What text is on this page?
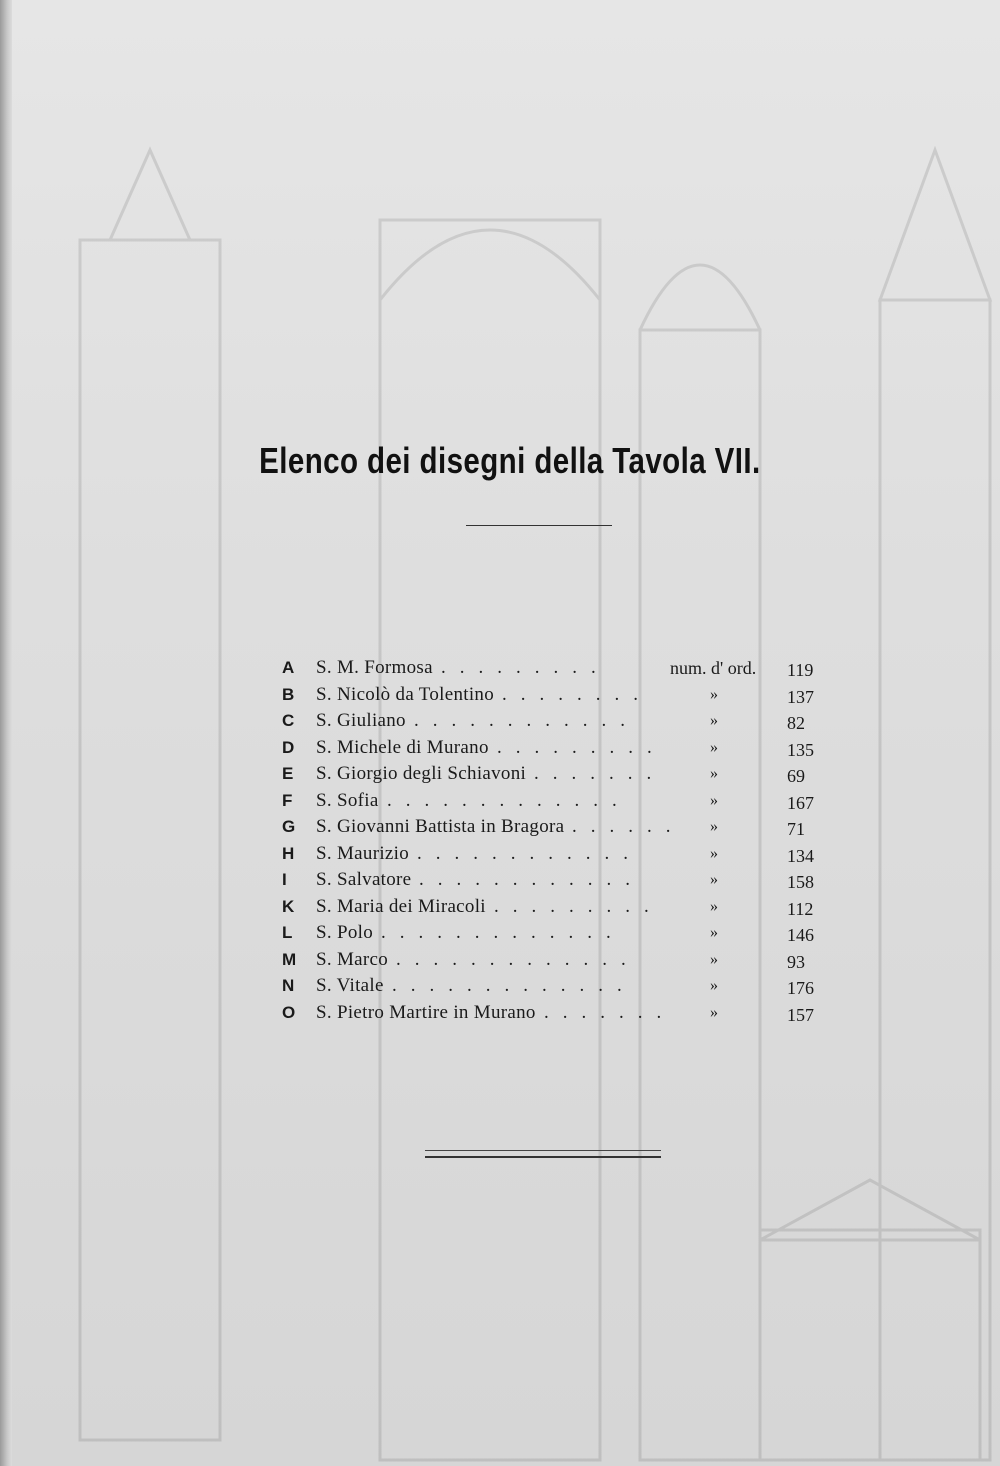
Elenco dei disegni della Tavola VII.
A S. M. Formosa .........	num. d' ord. 119
B S. Nicolò da Tolentino ........	»	137
C S. Giuliano ............	»	82
D S. Michele di Murano .........	»	135
E S. Giorgio degli Schiavoni .......	»	69
F S. Sofia .............	»	167
G S. Giovanni Battista in Bragora ...... »	71
H S. Maurizio ............	»	134
I S. Salvatore ............	»	158
K S. Maria dei Miracoli .........	»	112
L S. Polo .............	»	146
M S. Marco .............	»	93
N S. Vitale .............	»	176
O S. Pietro Martire in Murano ....... »	157
